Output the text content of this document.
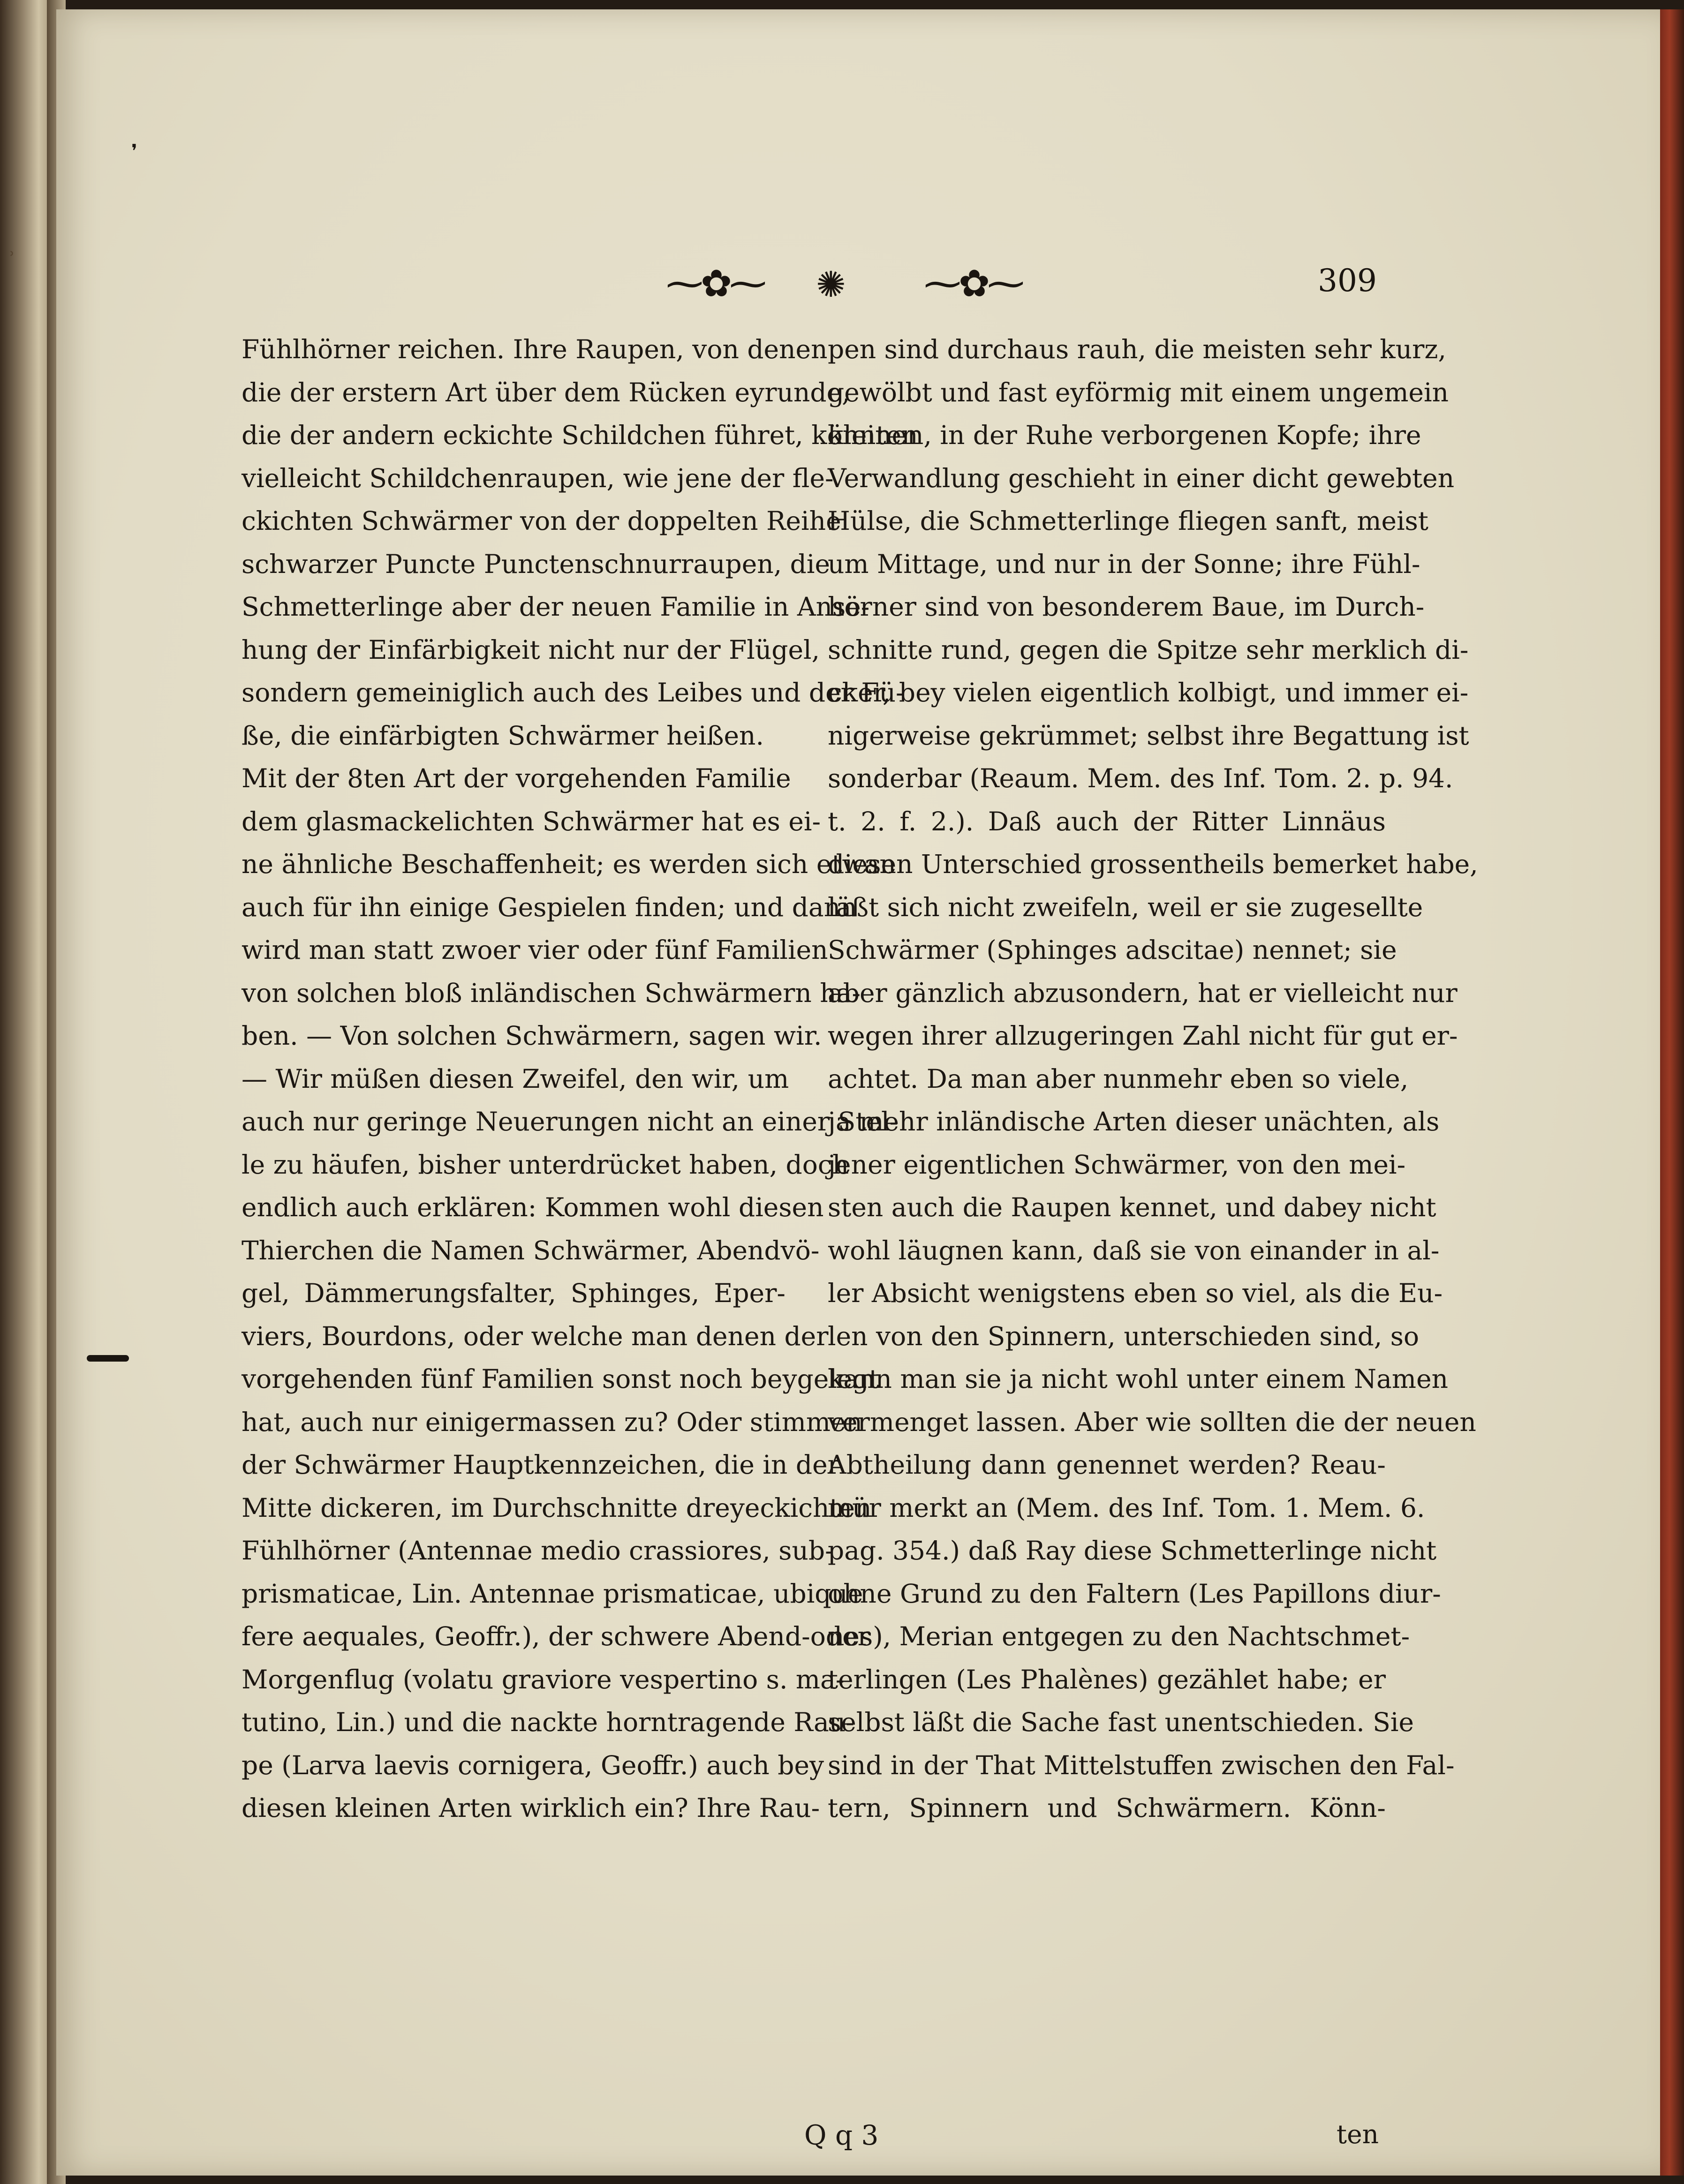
❜
ʾ
⁓✿⁓ ✺ ⁓✿⁓	309
Fühlhörner reichen. Ihre Raupen, von denen
die der erstern Art über dem Rücken eyrunde,
die der andern eckichte Schildchen führet, könnten
vielleicht Schildchenraupen, wie jene der fle-
ckichten Schwärmer von der doppelten Reihe
schwarzer Puncte Punctenschnurraupen, die
Schmetterlinge aber der neuen Familie in Anse-
hung der Einfärbigkeit nicht nur der Flügel,
sondern gemeiniglich auch des Leibes und der Fü-
ße, die einfärbigten Schwärmer heißen.
Mit der 8ten Art der vorgehenden Familie
dem glasmackelichten Schwärmer hat es ei-
ne ähnliche Beschaffenheit; es werden sich etwan
auch für ihn einige Gespielen finden; und dann
wird man statt zwoer vier oder fünf Familien
von solchen bloß inländischen Schwärmern ha-
ben. — Von solchen Schwärmern, sagen wir.
— Wir müßen diesen Zweifel, den wir, um
auch nur geringe Neuerungen nicht an einer Stel-
le zu häufen, bisher unterdrücket haben, doch
endlich auch erklären: Kommen wohl diesen
Thierchen die Namen Schwärmer, Abendvö-
gel, Dämmerungsfalter, Sphinges, Eper-
viers, Bourdons, oder welche man denen der
vorgehenden fünf Familien sonst noch beygelegt
hat, auch nur einigermassen zu? Oder stimmen
der Schwärmer Hauptkennzeichen, die in der
Mitte dickeren, im Durchschnitte dreyeckichten
Fühlhörner (Antennae medio crassiores, sub-
prismaticae, Lin. Antennae prismaticae, ubique
fere aequales, Geoffr.), der schwere Abend-oder
Morgenflug (volatu graviore vespertino s. ma-
tutino, Lin.) und die nackte horntragende Rau-
pe (Larva laevis cornigera, Geoffr.) auch bey
diesen kleinen Arten wirklich ein? Ihre Rau-
pen sind durchaus rauh, die meisten sehr kurz,
gewölbt und fast eyförmig mit einem ungemein
kleinen, in der Ruhe verborgenen Kopfe; ihre
Verwandlung geschieht in einer dicht gewebten
Hülse, die Schmetterlinge fliegen sanft, meist
um Mittage, und nur in der Sonne; ihre Fühl-
hörner sind von besonderem Baue, im Durch-
schnitte rund, gegen die Spitze sehr merklich di-
cker, bey vielen eigentlich kolbigt, und immer ei-
nigerweise gekrümmet; selbst ihre Begattung ist
sonderbar (Reaum. Mem. des Inf. Tom. 2. p. 94.
t. 2. f. 2.). Daß auch der Ritter Linnäus
diesen Unterschied grossentheils bemerket habe,
läßt sich nicht zweifeln, weil er sie zugesellte
Schwärmer (Sphinges adscitae) nennet; sie
aber gänzlich abzusondern, hat er vielleicht nur
wegen ihrer allzugeringen Zahl nicht für gut er-
achtet. Da man aber nunmehr eben so viele,
ja mehr inländische Arten dieser unächten, als
jener eigentlichen Schwärmer, von den mei-
sten auch die Raupen kennet, und dabey nicht
wohl läugnen kann, daß sie von einander in al-
ler Absicht wenigstens eben so viel, als die Eu-
len von den Spinnern, unterschieden sind, so
kann man sie ja nicht wohl unter einem Namen
vermenget lassen. Aber wie sollten die der neuen
Abtheilung dann genennet werden? Reau-
mür merkt an (Mem. des Inf. Tom. 1. Mem. 6.
pag. 354.) daß Ray diese Schmetterlinge nicht
ohne Grund zu den Faltern (Les Papillons diur-
nes), Merian entgegen zu den Nachtschmet-
terlingen (Les Phalènes) gezählet habe; er
selbst läßt die Sache fast unentschieden. Sie
sind in der That Mittelstuffen zwischen den Fal-
tern, Spinnern und Schwärmern. Könn-
Q q 3	ten
